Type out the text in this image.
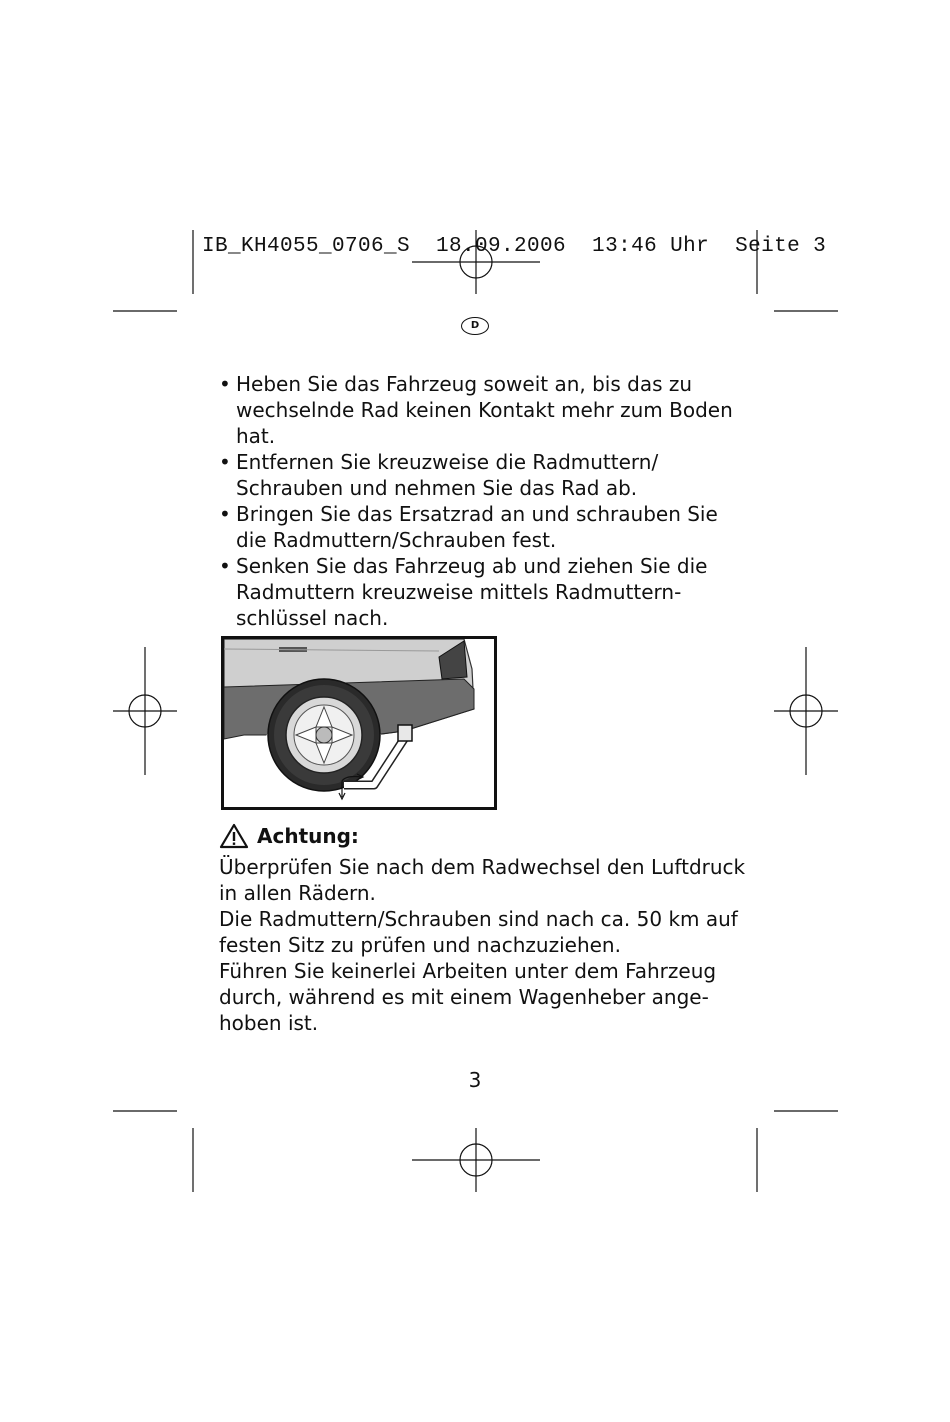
IB_KH4055_0706_S  18.09.2006  13:46 Uhr  Seite 3
D
• Heben Sie das Fahrzeug soweit an, bis das zu wechselnde Rad keinen Kontakt mehr zum Boden hat.
• Entfernen Sie kreuzweise die Radmuttern/ Schrauben und nehmen Sie das Rad ab.
• Bringen Sie das Ersatzrad an und schrauben Sie die Radmuttern/Schrauben fest.
• Senken Sie das Fahrzeug ab und ziehen Sie die Radmuttern kreuzweise mittels Radmuttern-schlüssel nach.
Achtung:

Überprüfen Sie nach dem Radwechsel den Luftdruck in allen Rädern.

Die Radmuttern/Schrauben sind nach ca. 50 km auf festen Sitz zu prüfen und nachzuziehen.

Führen Sie keinerlei Arbeiten unter dem Fahrzeug durch, während es mit einem Wagenheber ange-hoben ist.

3
